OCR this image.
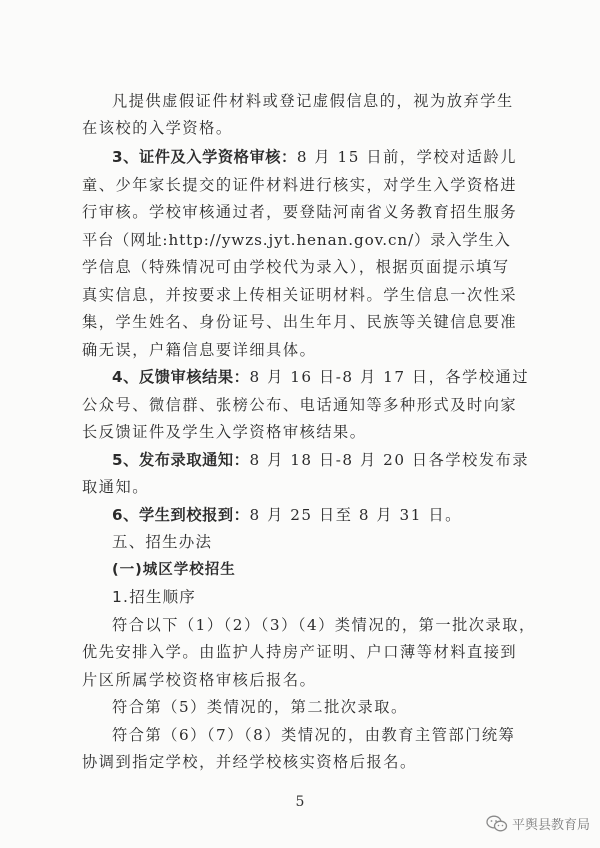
凡提供虚假证件材料或登记虚假信息的，视为放弃学生
在该校的入学资格。
3、证件及入学资格审核：8 月 15 日前，学校对适龄儿
童、少年家长提交的证件材料进行核实，对学生入学资格进
行审核。学校审核通过者，要登陆河南省义务教育招生服务
平台（网址:http://ywzs.jyt.henan.gov.cn/）录入学生入
学信息（特殊情况可由学校代为录入），根据页面提示填写
真实信息，并按要求上传相关证明材料。学生信息一次性采
集，学生姓名、身份证号、出生年月、民族等关键信息要准
确无误，户籍信息要详细具体。
4、反馈审核结果：8 月 16 日-8 月 17 日，各学校通过
公众号、微信群、张榜公布、电话通知等多种形式及时向家
长反馈证件及学生入学资格审核结果。
5、发布录取通知：8 月 18 日-8 月 20 日各学校发布录
取通知。
6、学生到校报到：8 月 25 日至 8 月 31 日。
五、招生办法
(一)城区学校招生
1.招生顺序
符合以下（1）（2）（3）（4）类情况的，第一批次录取，
优先安排入学。由监护人持房产证明、户口薄等材料直接到
片区所属学校资格审核后报名。
符合第（5）类情况的，第二批次录取。
符合第（6）（7）（8）类情况的，由教育主管部门统筹
协调到指定学校，并经学校核实资格后报名。
5
平舆县教育局
